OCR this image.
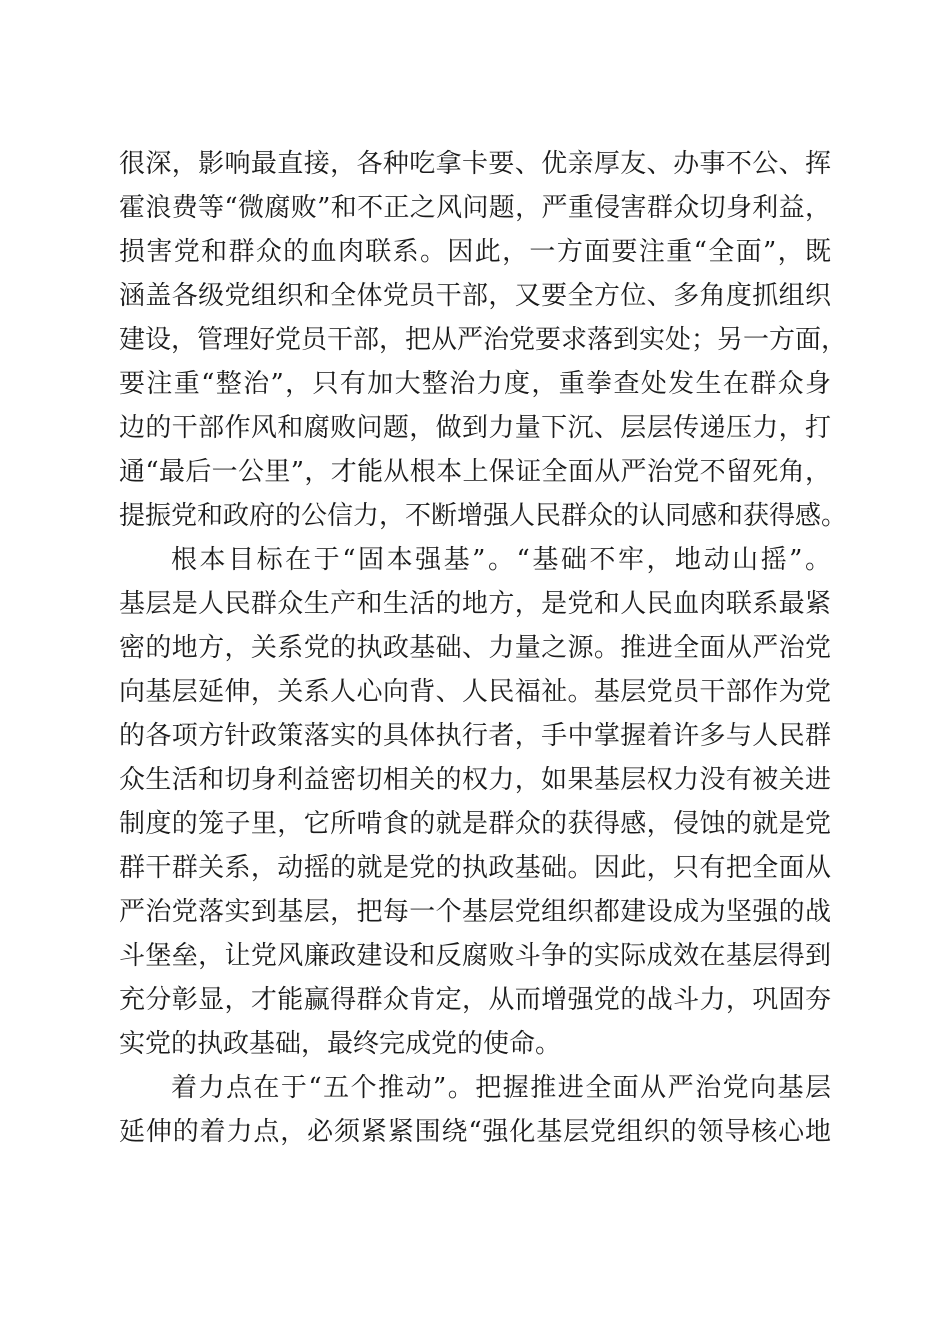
很深，影响最直接，各种吃拿卡要、优亲厚友、办事不公、挥
霍浪费等“微腐败”和不正之风问题，严重侵害群众切身利益，
损害党和群众的血肉联系。因此，一方面要注重“全面”，既
涵盖各级党组织和全体党员干部，又要全方位、多角度抓组织
建设，管理好党员干部，把从严治党要求落到实处；另一方面，
要注重“整治”，只有加大整治力度，重拳查处发生在群众身
边的干部作风和腐败问题，做到力量下沉、层层传递压力，打
通“最后一公里”，才能从根本上保证全面从严治党不留死角，
提振党和政府的公信力，不断增强人民群众的认同感和获得感。
根本目标在于“固本强基”。“基础不牢，地动山摇”。
基层是人民群众生产和生活的地方，是党和人民血肉联系最紧
密的地方，关系党的执政基础、力量之源。推进全面从严治党
向基层延伸，关系人心向背、人民福祉。基层党员干部作为党
的各项方针政策落实的具体执行者，手中掌握着许多与人民群
众生活和切身利益密切相关的权力，如果基层权力没有被关进
制度的笼子里，它所啃食的就是群众的获得感，侵蚀的就是党
群干群关系，动摇的就是党的执政基础。因此，只有把全面从
严治党落实到基层，把每一个基层党组织都建设成为坚强的战
斗堡垒，让党风廉政建设和反腐败斗争的实际成效在基层得到
充分彰显，才能赢得群众肯定，从而增强党的战斗力，巩固夯
实党的执政基础，最终完成党的使命。
着力点在于“五个推动”。把握推进全面从严治党向基层
延伸的着力点，必须紧紧围绕“强化基层党组织的领导核心地
